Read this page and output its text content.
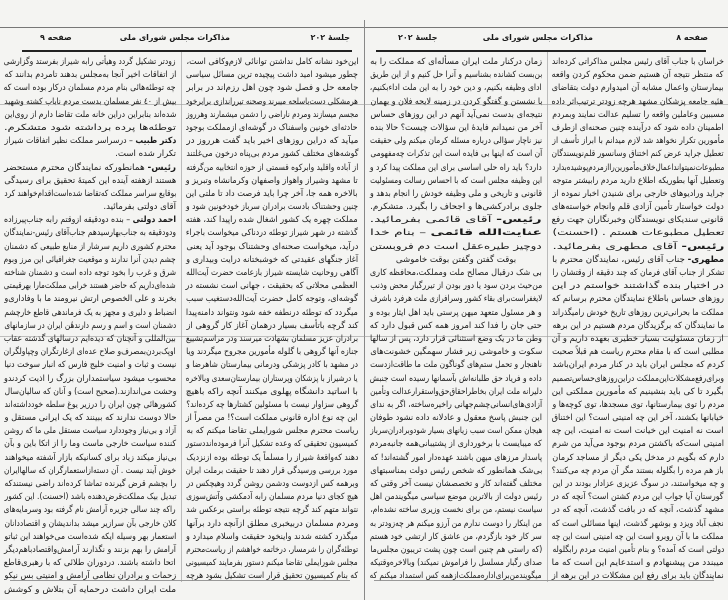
جلسهٔ ۲۰۲
مذاکرات مجلس شورای ملی
صفحه ۹	صفحه ۸
مذاکرات مجلس شورای ملی
جلسهٔ ۲۰۲
خراسان با جناب آقای رئیس مجلس مذاکراتی کرده‌اند
که منتظر نتیجه آن هستیم ضمن محکوم کردن واقعه
بیمارستان واعمال مشابه آن امیدوارم دولت بتقاضای
هئیه جامعه پزشکان مشهد هرچه زودتر ترتیب‌اثر داده
مسببین وعاملین واقعه را تسلیم عدالت نمایند وبمردم
اطمینان داده شود که درآینده چنین صحنه‌ای ازطرف
مأمورین تکرار نخواهد شد لازم میدانم با ابراز تأسف از
تعطیل جراید عرض کنم اختناق وسانسور قلم‌نویسندگان
مطبوعات‌نمیتوانداعمال‌خلاف‌مأمورین‌راازمردم‌پوشیده‌بدارد
وتعطیل آنها بطوریکه اطلاع دارید مردم رابیشتر متوجه
جراید ورادیوهای خارجی برای شنیدن اخبار نموده از
دولت خواستار تأمین آزادی قلم وانجام خواسته‌های
قانونی سندیکای نویسندگان وخبرنگاران جهت رفع
تعطیل مطبوعات هستم . (احسنت)
رئیس- آقای مطهری بفرمائید.
مطهری- جناب آقای رئیس، نمایندگان محترم با
تشکر از جناب آقای فرمان که چند دقیقه از وقتشان را
در اختیار بنده گذاشتند خواستم در این
روزهای حساس باطلاع نمایندگان محترم برسانم که
مملکت ما بحرانی‌ترین روزهای تاریخ خودش رامیگذراند
ما نمایندگان که برگزیدگان مردم هستیم در این برهه
از زمان مسئولیت بسیار خطیری بعهده داریم و آن
مطلبی است که با مقام محترم ریاست هم قبلاً صحبت
کردم که مجلس ایران باید در کنار مردم ایران‌باشد
وبرای‌رفع‌مشکلات‌این‌مملکت دراین‌روزهای‌حساس‌تصمیم
بگیرد تا کی باید بنشینیم که مأمورین مملکتی این
مردم را توی بیمارستانها، توی مسجدها، توی کوچه‌ها و
خیابانها بکشند، آخر این چه امنیتی است؟ این اختناق
است نه امنیت این خیانت است نه امنیت، این چه
امنیتی است‌که باکشتن مردم بوجود می‌آید من شرم
دارم که بگویم در مدخل یکی دیگر از مساجد کرمان
باز هم مرده را بگلوله بستند مگر آن مردم چه می‌کنند؟
و چه میخواستند، در سوگ عزیزی عزادار بودند در این
گورستان آیا جواب این مردم کشتن است؟ آنچه که در
مشهد گذشت، آنچه که در بافت گذشت، آنچه که در
نجف آباد ویزد و بوشهر گذشت، اینها مسائلی است که
مملکت ما با آن روبرو است این چه امنیتی است این چه
دولتی است که آمده؟ و بنام تأمین امنیت مردم رابگلوله
میبندد من پیشنهادم و استدعایم این است که ما
نمایندگان باید برای رفع این مشکلات در این برهه از
زمان درکنار ملت ایران مسأله‌ای که مملکت را به
بن‌بست کشانده بشناسیم و آنرا حل کنیم و از این طریق
ادای وظیفه بکنیم، و دین خود را به این ملت اداءبکنیم،
با نشستن و گفتگو کردن در زمینه لایحه فلان و بهمان
نتیجه‌ای بدست نمی‌آید آنهم در این روزهای حساس
آخر من نمیدانم فایدهٔ این سؤالات چیست؟ حالا بنده
نیز ناچار سؤالی درباره مسئله کرمان میکنم ولی حقیقت
آن است که اینها بی فایده است این تذکرات چه‌مفهومی
دارد؟ باید راه حلی اساسی برای این مملکت پیدا کرد و
این وظیفه مجلس است که با احساس رسالت ومسئولیت
قانونی و تاریخی و ملی وظیفه خودش را انجام بدهد و
جلوی برادرکشی‌ها و اجحاف را بگیرد. متشکرم.
رئیس- آقای قائمی بفرمائید.
عنایت‌الله قائمی – بنام خدا
دوچیز طیره‌عقل است دم فروبستن
بوقت گفتن وگفتن بوقت خاموشی
بی شک درقبال مصالح ملت ومملکت،محافظه کاری
من‌حیث بردن سود یا دور بودن از تیررگبار محض وذنب
لایغفراست‌برای بقاء کشور وسرافرازی ملت هرفرد باشرف
و هر مسئول متعهد میهن پرستی باید اهل ایثار بوده و
حتی جان را فدا کند امروز همه کس قبول دارد که
وطن ما در یک وضع استثنائی قرار دارد، پس از سالها
سکوت و خاموشی زیر فشار سهمگین خشونت‌های
ناهنجار و تحمل ستم‌های گوناگون ملت ما طاقت‌ازدست
داده و فریاد حق طلبانه‌اش بآسمانها رسیده است جنبش
دلیرانه ملت ایران بخاطراحقاق‌حق‌واستقرارعدالت وتأمین
آزادی‌های‌انسانی‌چشم‌جهانی راخیره‌ساخته، اگر به ندای
این جنبش پاسخ معقول و عادلانه داده نشود طوفان
هیجان ممکن است سبب زیانهای بسیار شود‌وبرادران‌سرباز
که میبایست با برخورداری از پشتیبانی‌همه جانبه‌مردم
پاسدار مرزهای میهن باشند عهده‌دار امور گشته‌اند! که
بی‌شک همانطور که شخص رئیس دولت بمناسبتهای
مختلف گفته‌اند کار و تخصصشان نیست آخر وقتی که
رئیس دولت از بالاترین موضع سیاسی میگویندمن اهل
سیاست نیستم، من برای نخست وزیری ساخته نشده‌ام،
من اینکار را دوست ندارم من آرزو میکنم هر چه‌زودتر به
سر کار خود بازگردم، من عاشق کار ارتشی خود هستم
(که راستی هم چنین است چون پشت تریبون مجلس‌ما
صدای رگبار مسلسل را فراموش نمیکند) وبالاخره‌وقتیکه
میگویندمن‌برای‌اداره‌مملکت‌ازهمه کس استمداد میکنم که
این‌خود نشانه کامل نداشتن توانائی لازم‌وکافی است،
چطور میشود امید داشت پیچیده ترین مسائل سیاسی
جامعه حل و فصل شود چون اهل رزم‌اند در برابر
هرمشکلی دست‌باسلحه میبرند وصحنه تیرراندازی برابرخود
مجسم میسازند ومردم ناراضی را دشمن میشمارند وهرروز
حادثه‌ای خونین واسفناک در گوشه‌ای ازمملکت بوجود
میآید که دراین روزهای اخیر باید گفت هرروز در
گوشه‌های مختلف کشور مردم بی‌پناه درخون می‌غلتند
از آباده واقلید وابرکوه قسمتی از حوزه انتخابیه من‌گرفته
تا مشهد وشیراز واهواز واصفهان وکرمانشاه وتبریز و
بالاخره همه جا، آخر چرا باید فرصت داد تا ملتی این
چنین وحشتناک بادست برادران سرباز خودخونین شود و
مملکت چهره یک کشور اشغال شده راپیدا کند، هفته
گذشته در شهر شیراز توطئه دردناکی میخواست باجراء
درآید، میخواست صحنه‌ای وحشتناک بوجود آید یعنی
آغاز جنگهای عقیدتی که خوشبختانه درایت وبیداری و
آگاهی روحانیت شایسته شیراز بازعامت حضرت آیت‌الله
العظمی محلاتی که بحقیقت ، جهانی است نشسته در
گوشه‌ای، وتوجه کامل حضرت آیت‌الله‌دستغیب سبب
میگردد که توطئه درنطفه خفه شود ونتواند دامنه‌پیدا
کند گرچه باتأسف بسیار درهمان آغاز کار گروهی از
برادران عزیز مسلمان بشهادت میرسند ودر مراسم‌تشییع
جنازه آنها گروهی با گلوله مأمورین مجروح میگردند ویا
در مشهد با کادر پزشکی ودرمانی بیمارستان شاهرضا و
یا درشیراز با پزشکان وپرستاران بیمارستان‌سعدی وبالاخره
با اساتید دانشگاه پهلوی میکنند آنچه راکه باهیچ
گروهی سزاوار نیست با مسئولین کشتارها چه کرده‌اند؟
این چه نوع اداره قانونی مملکت است؟! من مصراً از
ریاست محترم مجلس شورایملی تقاضا میکنم که به
کمیسیون تحقیقی که وعده تشکیل آنرا فرموده‌اند‌دستور
دهند که‌واقعهٔ شیراز را مسلماً یک توطئه بوده ازنزدیک
مورد بررسی ورسیدگی قرار دهند تا حقیقت برملت ایران
وبرهمه کس ازدوست ودشمن روشن گردد وهیچکس در
هیچ کجای دنیا مردم مسلمان رابه آدمکشی وآتش‌سوزی
نتواند متهم کند گرچه نتیجه توطئه براستی برعکس شد
ومردم مسلمان دربیخبری مطلق ازآنچه دارد برآنها
میگذرد کشته شدند واینخود حقیقت واسلام میدارد و
توطئه‌گران را شرمسار، درخاتمه خواهشم از ریاست‌محترم
مجلس شورایملی تقاضا میکنم دستور بفرمایند کمیسیونی
که بنام کمیسیون تحقیق قرار است تشکیل بشود هرچه
زودتر تشکیل گردد وهیأتی رابه شیراز بفرستد وگزارشی
از اتفاقات اخیر آنجا به‌مجلس بدهند تامردم بدانند که
چه توطئه‌هائی بنام مردم مسلمان درکار بوده است که
بیش از ٤٠ نفر مسلمان بدست مردم ناباب کشته وشهید
شده‌اند بنابراین دراین خانه ملت تقاضا دارم از روی‌این
توطئه‌ها پرده برداشته شود متشکرم.
دکتر طبیب – درسراسر مملکت نظیر اتفاقات شیراز
تکرار شده است.
رئیس- همانطورکه نمایندگان محترم مستحضر
هستند ازهفته آینده این کمیتهٔ تحقیق برای رسیدگی
بوقایع سراسر مملکت که‌تقاضا شده‌است‌اقدام‌خواهند کرد
آقای دولتی بفرمائید.
احمد دولتی – بنده دودقیقه ازوقتم رابه جناب‌پیرزاده
ودودقیقه به جناب‌بهارسیدهم جناب‌آقای رئیس-نمایندگان
محترم کشوری داریم سرشار از منابع طبیعی که دشمنان
چشم دیدن آنرا ندارند و موقعیت جغرافیائی این مرز وبوم
شرق و غرب را بخود توجه داده است و دشمنان شناخته
شده‌ای‌داریم که حاضر هستند خرابی مملکت‌مارا بهرقیمتی
بخرند و علی الخصوص ارتش نیرومند ما با وفاداری‌و
انضباط و دلیری و مجهز به یک فرماندهی قاطع خارچشم
دشمنان است و اسم و رسم دارندهٔن ایران در سازمانهای
بین‌المللی و آنچنان که دیده‌ایم درسالهای گذشته عقاب
اوپک‌بردن‌بمصرف‌و صلاح عده‌ای ازغارتگران وچپاولگران
نیست و ثبات و امنیت خلیج فارس که انبار سوخت دنیا
محسوب میشود سیاستمداران بزرگ را اذیت کردندو
وحشت می‌اندازند.(صحیح است) و آنان که سالیان‌سال
کشورهائی چون ایران را درزیر یوغ سلطه خودداشته‌اند
حالا دوست ندارند که ببینند که یک ایرانی مستقل و
آزاد و بی‌نیاز وجوددارد سیاست مستقل ملی ما که روشن
کننده سیاست خارجی ماست وما را از اتکا باین و بآن
بی‌نیاز میکند زیاد برای کسانیکه بازار آشفته میخواهند
خوش آیند نیست . آن دسته‌ازاستعمارگران که سالها‌ایران
را بچشم قرض گیرنده تماشا کرده‌اند راضی نیستند‌که
تبدیل بیک مملکت‌قرض‌دهنده باشد (احسنت). این کشور
راکه چند سالی جزیره آرامش نام گرفته بود وسرمایه‌های
کلان خارجی بآن سرازیر میشد بداندیشان و اقتصاددانان
استعمار بهر وسیله ایکه شده‌است می‌خواهند این ثباتو
آرامش را بهم بزنند و نگذارند آرامش‌واقتصاد‌باهم‌دیگر
اتحا داشته باشند. دردوران طلائی که با رهبری‌قاطع
زحمات و برادران نظامی آرامش و امنیتی بس نیکو
ملت ایران داشت درحمایه آن بتلاش و کوشش
